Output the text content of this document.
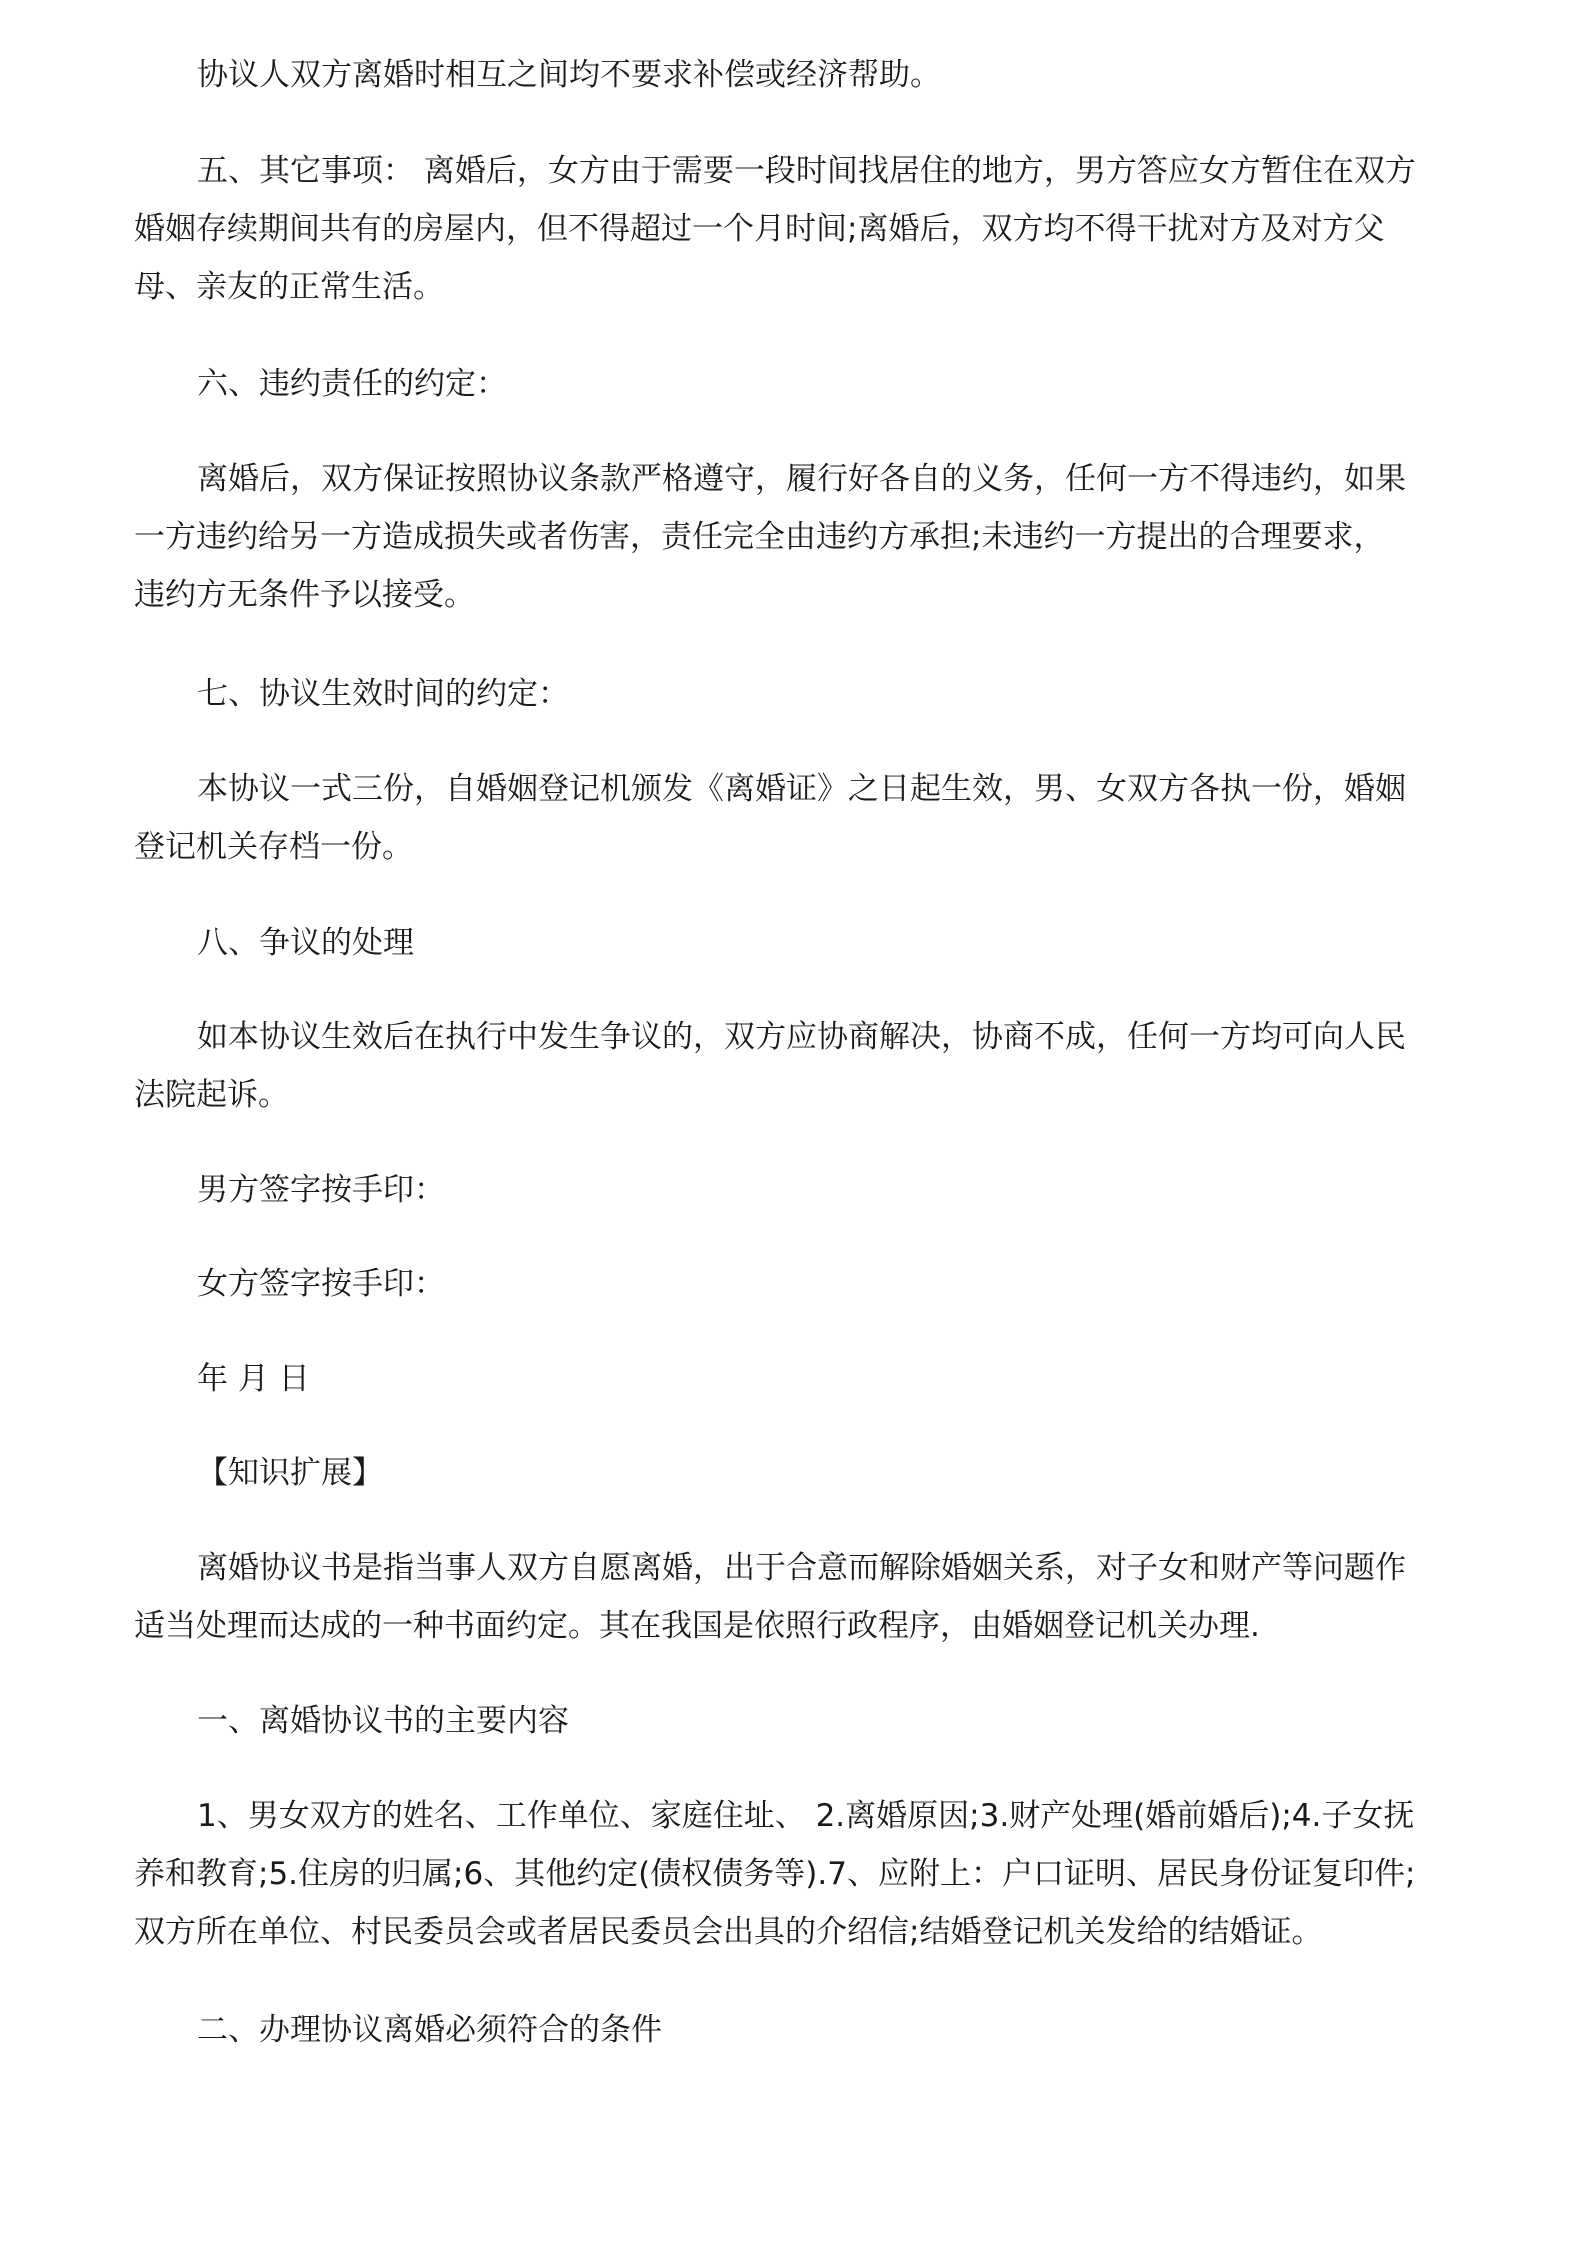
协议人双方离婚时相互之间均不要求补偿或经济帮助。
五、其它事项： 离婚后，女方由于需要一段时间找居住的地方，男方答应女方暂住在双方
婚姻存续期间共有的房屋内，但不得超过一个月时间;离婚后，双方均不得干扰对方及对方父
母、亲友的正常生活。
六、违约责任的约定：
离婚后，双方保证按照协议条款严格遵守，履行好各自的义务，任何一方不得违约，如果
一方违约给另一方造成损失或者伤害，责任完全由违约方承担;未违约一方提出的合理要求，
违约方无条件予以接受。
七、协议生效时间的约定：
本协议一式三份，自婚姻登记机颁发《离婚证》之日起生效，男、女双方各执一份，婚姻
登记机关存档一份。
八、争议的处理
如本协议生效后在执行中发生争议的，双方应协商解决，协商不成，任何一方均可向人民
法院起诉。
男方签字按手印：
女方签字按手印：
年 月 日
【知识扩展】
离婚协议书是指当事人双方自愿离婚，出于合意而解除婚姻关系，对子女和财产等问题作
适当处理而达成的一种书面约定。其在我国是依照行政程序，由婚姻登记机关办理.
一、离婚协议书的主要内容
1、男女双方的姓名、工作单位、家庭住址、 2.离婚原因;3.财产处理(婚前婚后);4.子女抚
养和教育;5.住房的归属;6、其他约定(债权债务等).7、应附上：户口证明、居民身份证复印件;
双方所在单位、村民委员会或者居民委员会出具的介绍信;结婚登记机关发给的结婚证。
二、办理协议离婚必须符合的条件
